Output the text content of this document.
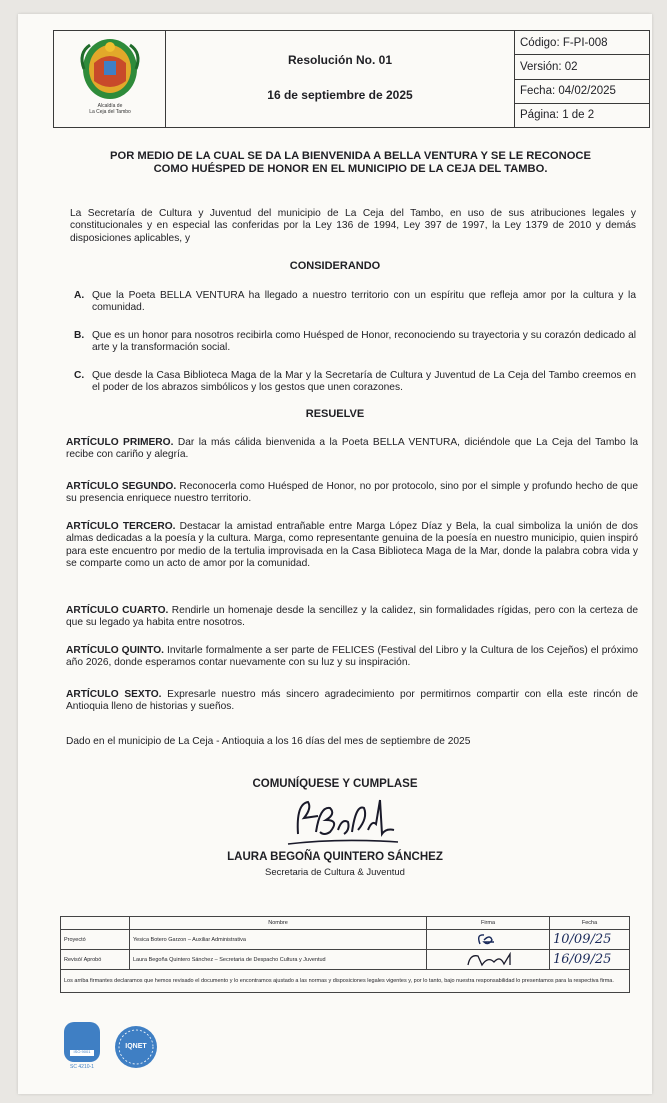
Alcaldía de
La Ceja del Tambo
Resolución No. 01
16 de septiembre de 2025
Código: F-PI-008
Versión: 02
Fecha: 04/02/2025
Página: 1 de 2
POR MEDIO DE LA CUAL SE DA LA BIENVENIDA A BELLA VENTURA Y SE LE RECONOCE
COMO HUÉSPED DE HONOR EN EL MUNICIPIO DE LA CEJA DEL TAMBO.
La Secretaría de Cultura y Juventud del municipio de La Ceja del Tambo, en uso de sus atribuciones legales y constitucionales y en especial las conferidas por la Ley 136 de 1994, Ley 397 de 1997, la Ley 1379 de 2010 y demás disposiciones aplicables, y
CONSIDERANDO
A. Que la Poeta BELLA VENTURA ha llegado a nuestro territorio con un espíritu que refleja amor por la cultura y la comunidad.
B. Que es un honor para nosotros recibirla como Huésped de Honor, reconociendo su trayectoria y su corazón dedicado al arte y la transformación social.
C. Que desde la Casa Biblioteca Maga de la Mar y la Secretaría de Cultura y Juventud de La Ceja del Tambo creemos en el poder de los abrazos simbólicos y los gestos que unen corazones.
RESUELVE
ARTÍCULO PRIMERO. Dar la más cálida bienvenida a la Poeta BELLA VENTURA, diciéndole que La Ceja del Tambo la recibe con cariño y alegría.
ARTÍCULO SEGUNDO. Reconocerla como Huésped de Honor, no por protocolo, sino por el simple y profundo hecho de que su presencia enriquece nuestro territorio.
ARTÍCULO TERCERO. Destacar la amistad entrañable entre Marga López Díaz y Bela, la cual simboliza la unión de dos almas dedicadas a la poesía y la cultura. Marga, como representante genuina de la poesía en nuestro municipio, quien inspiró para este encuentro por medio de la tertulia improvisada en la Casa Biblioteca Maga de la Mar, donde la palabra cobra vida y se comparte como un acto de amor por la comunidad.
ARTÍCULO CUARTO. Rendirle un homenaje desde la sencillez y la calidez, sin formalidades rígidas, pero con la certeza de que su legado ya habita entre nosotros.
ARTÍCULO QUINTO. Invitarle formalmente a ser parte de FELICES (Festival del Libro y la Cultura de los Cejeños) el próximo año 2026, donde esperamos contar nuevamente con su luz y su inspiración.
ARTÍCULO SEXTO. Expresarle nuestro más sincero agradecimiento por permitirnos compartir con ella este rincón de Antioquia lleno de historias y sueños.
Dado en el municipio de La Ceja - Antioquia a los 16 días del mes de septiembre de 2025
COMUNÍQUESE Y CUMPLASE
LAURA BEGOÑA QUINTERO SÁNCHEZ
Secretaria de Cultura & Juventud
	Nombre	Firma	Fecha
Proyectó	Yesica Botero Garzon – Auxiliar Administrativa		10/09/25
Revisó/ Aprobó	Laura Begoña Quintero Sánchez – Secretaria de Despacho Cultura y Juventud		16/09/25
Los arriba firmantes declaramos que hemos revisado el documento y lo encontramos ajustado a las normas y disposiciones legales vigentes y, por lo tanto, bajo nuestra responsabilidad lo presentamos para la respectiva firma.			
ISO 9001
SC 4210-1
IQNET
